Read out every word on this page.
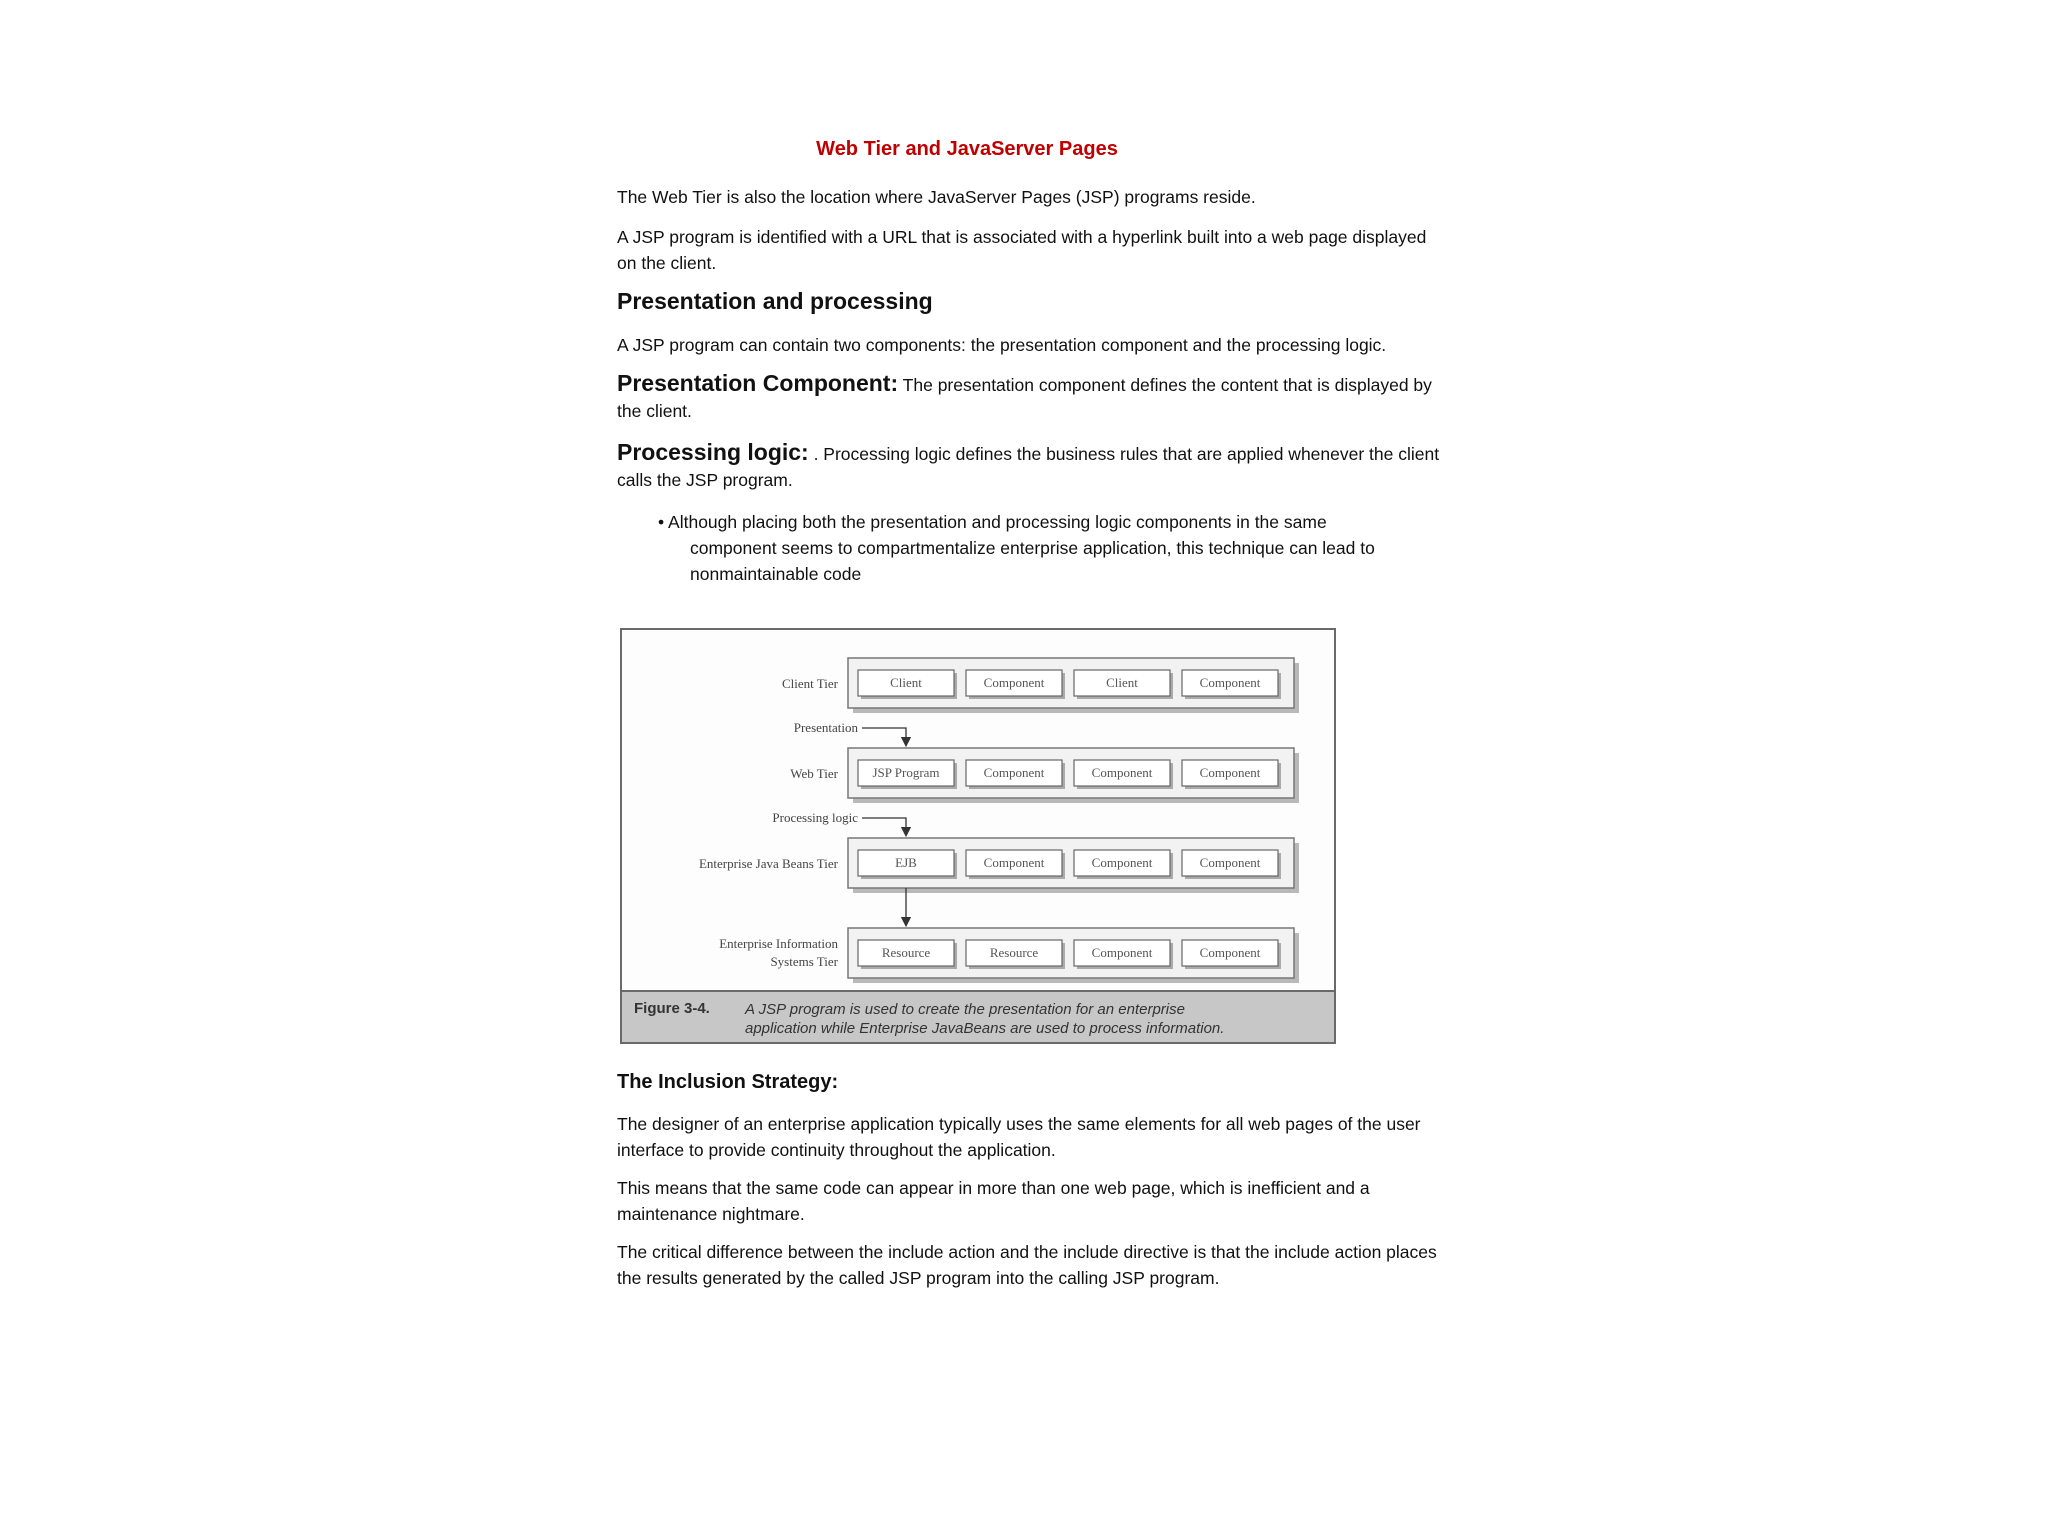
Web Tier and JavaServer Pages

The Web Tier is also the location where JavaServer Pages (JSP) programs reside.

A JSP program is identified with a URL that is associated with a hyperlink built into a web page displayed on the client.

Presentation and processing

A JSP program can contain two components: the presentation component and the processing logic.

Presentation Component: The presentation component defines the content that is displayed by the client.

Processing logic: . Processing logic defines the business rules that are applied whenever the client calls the JSP program.

• Although placing both the presentation and processing logic components in the same
component seems to compartmentalize enterprise application, this technique can lead to
nonmaintainable code
Client Tier	Client	Component	Client	Component
Web Tier	JSP Program	Component	Component	Component
Enterprise Java Beans Tier	EJB	Component	Component	Component
Enterprise Information
Systems Tier
Resource	Resource	Component	Component
Presentation
Processing logic
Figure 3-4. A JSP program is used to create the presentation for an enterprise
application while Enterprise JavaBeans are used to process information.
The Inclusion Strategy:

The designer of an enterprise application typically uses the same elements for all web pages of the user interface to provide continuity throughout the application.

This means that the same code can appear in more than one web page, which is inefficient and a maintenance nightmare.

The critical difference between the include action and the include directive is that the include action places the results generated by the called JSP program into the calling JSP program.
